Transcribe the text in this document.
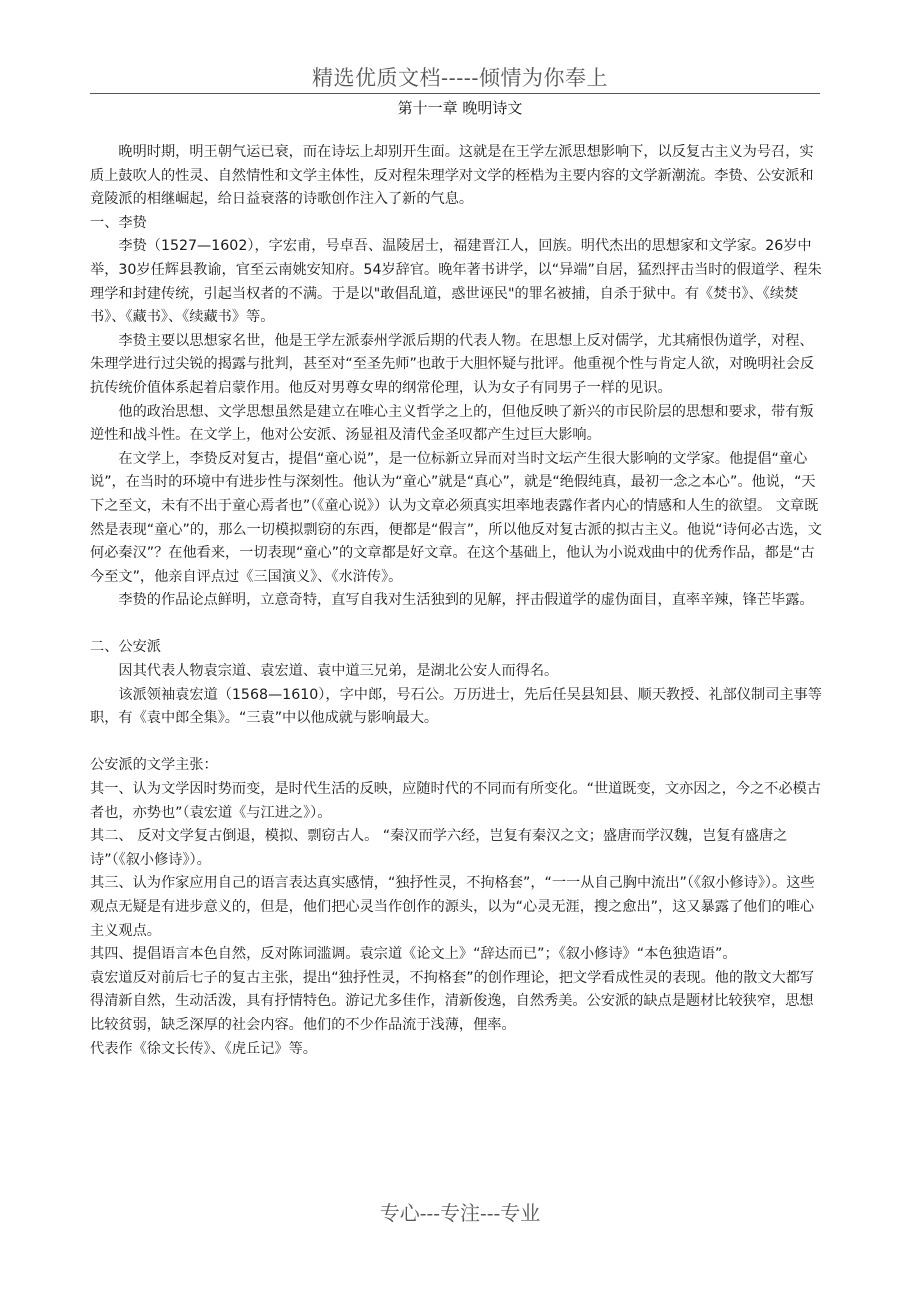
精选优质文档-----倾情为你奉上
第十一章 晚明诗文

晚明时期，明王朝气运已衰，而在诗坛上却别开生面。这就是在王学左派思想影响下，以反复古主义为号召，实质上鼓吹人的性灵、自然情性和文学主体性，反对程朱理学对文学的桎梏为主要内容的文学新潮流。李贽、公安派和竟陵派的相继崛起，给日益衰落的诗歌创作注入了新的气息。

一、李贽

李贽（1527—1602），字宏甫，号卓吾、温陵居士，福建晋江人，回族。明代杰出的思想家和文学家。26岁中举，30岁任辉县教谕，官至云南姚安知府。54岁辞官。晚年著书讲学，以“异端”自居，猛烈抨击当时的假道学、程朱理学和封建传统，引起当权者的不满。于是以"敢倡乱道，惑世诬民"的罪名被捕，自杀于狱中。有《焚书》、《续焚书》、《藏书》、《续藏书》等。

李贽主要以思想家名世，他是王学左派泰州学派后期的代表人物。在思想上反对儒学，尤其痛恨伪道学，对程、朱理学进行过尖锐的揭露与批判，甚至对“至圣先师”也敢于大胆怀疑与批评。他重视个性与肯定人欲，对晚明社会反抗传统价值体系起着启蒙作用。他反对男尊女卑的纲常伦理，认为女子有同男子一样的见识。

他的政治思想、文学思想虽然是建立在唯心主义哲学之上的，但他反映了新兴的市民阶层的思想和要求，带有叛逆性和战斗性。在文学上，他对公安派、汤显祖及清代金圣叹都产生过巨大影响。

在文学上，李贽反对复古，提倡“童心说”，是一位标新立异而对当时文坛产生很大影响的文学家。他提倡“童心说”，在当时的环境中有进步性与深刻性。他认为“童心”就是“真心”，就是“绝假纯真，最初一念之本心”。他说，“天下之至文，未有不出于童心焉者也”（《童心说》）认为文章必须真实坦率地表露作者内心的情感和人生的欲望。 文章既然是表现“童心”的，那么一切模拟剽窃的东西，便都是“假言”，所以他反对复古派的拟古主义。他说“诗何必古选，文何必秦汉”？在他看来，一切表现“童心”的文章都是好文章。在这个基础上，他认为小说戏曲中的优秀作品，都是“古今至文”，他亲自评点过《三国演义》、《水浒传》。

李贽的作品论点鲜明，立意奇特，直写自我对生活独到的见解，抨击假道学的虚伪面目，直率辛辣，锋芒毕露。

二、公安派

因其代表人物袁宗道、袁宏道、袁中道三兄弟，是湖北公安人而得名。

该派领袖袁宏道（1568—1610），字中郎，号石公。万历进士，先后任吴县知县、顺天教授、礼部仪制司主事等职，有《袁中郎全集》。“三袁”中以他成就与影响最大。

公安派的文学主张：

其一、认为文学因时势而变，是时代生活的反映，应随时代的不同而有所变化。“世道既变，文亦因之，今之不必模古者也，亦势也”（袁宏道《与江进之》）。

其二、 反对文学复古倒退，模拟、剽窃古人。 “秦汉而学六经，岂复有秦汉之文；盛唐而学汉魏，岂复有盛唐之诗”（《叙小修诗》）。

其三、认为作家应用自己的语言表达真实感情，“独抒性灵，不拘格套”，“一一从自己胸中流出”（《叙小修诗》）。这些观点无疑是有进步意义的，但是，他们把心灵当作创作的源头，以为“心灵无涯，搜之愈出”，这又暴露了他们的唯心主义观点。

其四、提倡语言本色自然，反对陈词滥调。袁宗道《论文上》“辞达而已”；《叙小修诗》“本色独造语”。

袁宏道反对前后七子的复古主张，提出“独抒性灵，不拘格套”的创作理论，把文学看成性灵的表现。他的散文大都写得清新自然，生动活泼，具有抒情特色。游记尤多佳作，清新俊逸，自然秀美。公安派的缺点是题材比较狭窄，思想比较贫弱，缺乏深厚的社会内容。他们的不少作品流于浅薄，俚率。

代表作《徐文长传》、《虎丘记》等。

专心---专注---专业
